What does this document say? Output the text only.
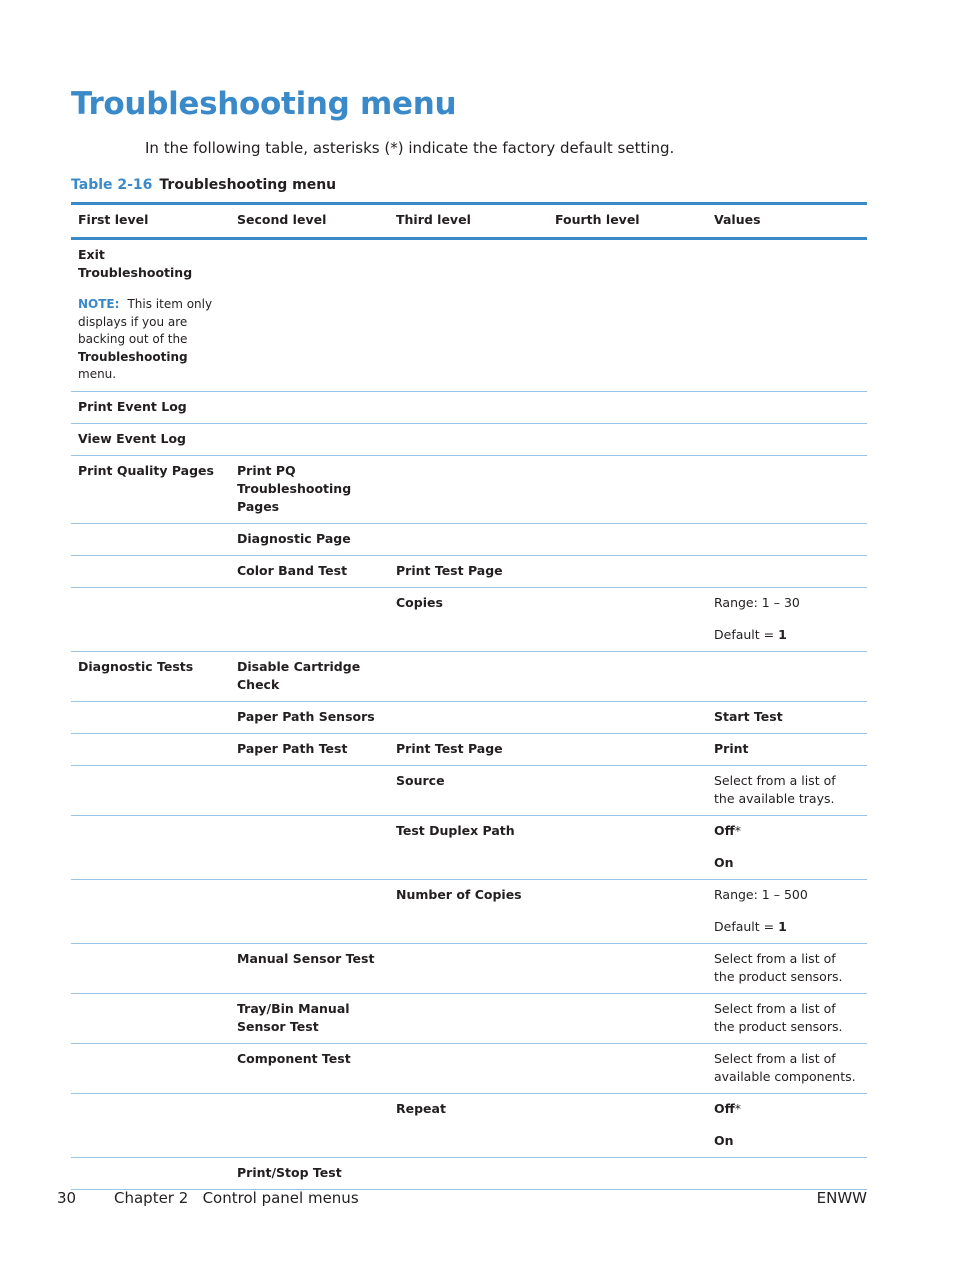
Troubleshooting menu
In the following table, asterisks (*) indicate the factory default setting.
Table 2-16 Troubleshooting menu
First level	Second level	Third level	Fourth level	Values
Exit Troubleshooting
NOTE: This item only displays if you are backing out of the Troubleshooting menu.				

Print Event Log				
View Event Log				
Print Quality Pages	Print PQ Troubleshooting Pages			
	Diagnostic Page			
	Color Band Test	Print Test Page		
		Copies		Range: 1 – 30
Default = 1

Diagnostic Tests	Disable Cartridge Check			
	Paper Path Sensors			Start Test
	Paper Path Test	Print Test Page		Print
		Source		Select from a list of the available trays.
		Test Duplex Path		Off*
On

		Number of Copies		Range: 1 – 500
Default = 1

	Manual Sensor Test			Select from a list of the product sensors.
	Tray/Bin Manual Sensor Test			Select from a list of the product sensors.
	Component Test			Select from a list of available components.
		Repeat		Off*
On

	Print/Stop Test			
30	Chapter 2   Control panel menus	ENWW
